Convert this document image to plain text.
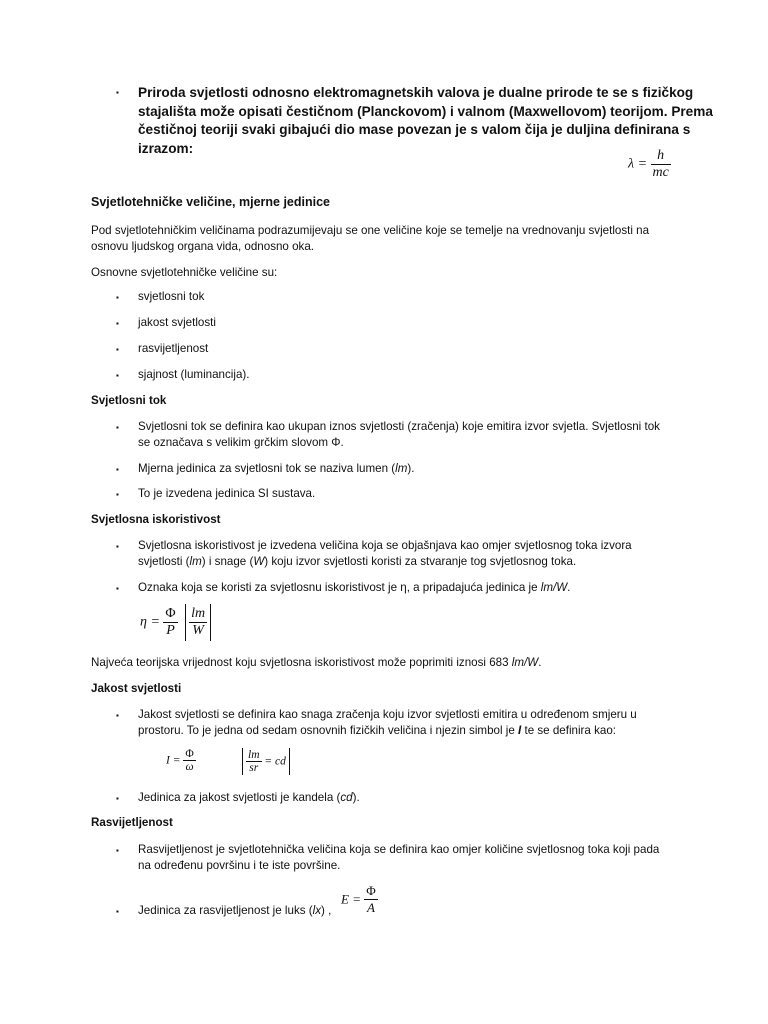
▪ Priroda svjetlosti odnosno elektromagnetskih valova je dualne prirode te se s fizičkog
stajališta može opisati čestičnom (Planckovom) i valnom (Maxwellovom) teorijom. Prema
čestičnoj teoriji svaki gibajući dio mase povezan je s valom čija je duljina definirana s izrazom:
$\lambda = \frac{h}{mc}$
Svjetlotehničke veličine, mjerne jedinice
Pod svjetlotehničkim veličinama podrazumijevaju se one veličine koje se temelje na vrednovanju svjetlosti na
osnovu ljudskog organa vida, odnosno oka.
Osnovne svjetlotehničke veličine su:
▪ svjetlosni tok
▪ jakost svjetlosti
▪ rasvijetljenost
▪ sjajnost (luminancija).
Svjetlosni tok
▪ Svjetlosni tok se definira kao ukupan iznos svjetlosti (zračenja) koje emitira izvor svjetla. Svjetlosni tok
se označava s velikim grčkim slovom Φ.
▪ Mjerna jedinica za svjetlosni tok se naziva lumen (lm).
▪ To je izvedena jedinica SI sustava.
Svjetlosna iskoristivost
▪ Svjetlosna iskoristivost je izvedena veličina koja se objašnjava kao omjer svjetlosnog toka izvora
svjetlosti (lm) i snage (W) koju izvor svjetlosti koristi za stvaranje tog svjetlosnog toka.
▪ Oznaka koja se koristi za svjetlosnu iskoristivost je η, a pripadajuća jedinica je lm/W.
$\eta = \frac{\Phi}{P}$
$\frac{lm}{W}$
Najveća teorijska vrijednost koju svjetlosna iskoristivost može poprimiti iznosi 683 lm/W.
Jakost svjetlosti
▪ Jakost svjetlosti se definira kao snaga zračenja koju izvor svjetlosti emitira u određenom smjeru u
prostoru. To je jedna od sedam osnovnih fizičkih veličina i njezin simbol je I te se definira kao:
$I = \frac{\Phi}{\omega}$	$\frac{lm}{sr}$ = cd
▪ Jedinica za jakost svjetlosti je kandela (cd).
Rasvijetljenost
▪ Rasvijetljenost je svjetlotehnička veličina koja se definira kao omjer količine svjetlosnog toka koji pada
na određenu površinu i te iste površine.
▪ Jedinica za rasvijetljenost je luks (lx) ,
$E = \frac{\Phi}{A}$
